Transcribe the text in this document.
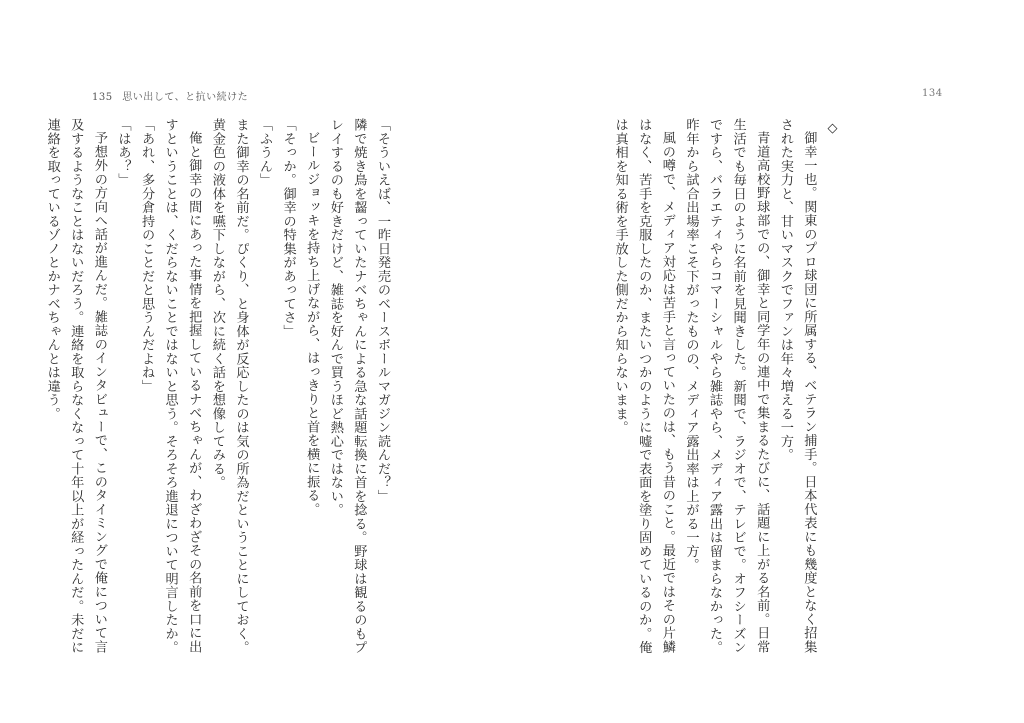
135 思い出して、と抗い続けた

「そういえば、一昨日発売のベースボールマガジン読んだ？」

隣で焼き鳥を齧っていたナベちゃんによる急な話題転換に首を捻る。野球は観るのもプレイするのも好きだけど、雑誌を好んで買うほど熱心ではない。

ビールジョッキを持ち上げながら、はっきりと首を横に振る。

「そっか。御幸の特集があってさ」

「ふうん」

また御幸の名前だ。ぴくり、と身体が反応したのは気の所為だということにしておく。黄金色の液体を嚥下しながら、次に続く話を想像してみる。

俺と御幸の間にあった事情を把握しているナベちゃんが、わざわざその名前を口に出すということは、くだらないことではないと思う。そろそろ進退について明言したか。

「あれ、多分倉持のことだと思うんだよね」

「はあ？」

予想外の方向へ話が進んだ。雑誌のインタビューで、このタイミングで俺について言及するようなことはないだろう。連絡を取らなくなって十年以上が経ったんだ。未だに連絡を取っているゾノとかナベちゃんとは違う。

134
◇

御幸一也。関東のプロ球団に所属する、ベテラン捕手。日本代表にも幾度となく招集された実力と、甘いマスクでファンは年々増える一方。

青道高校野球部での、御幸と同学年の連中で集まるたびに、話題に上がる名前。日常生活でも毎日のように名前を見聞きした。新聞で、ラジオで、テレビで。オフシーズンですら、バラエティやらコマーシャルやら雑誌やら、メディア露出は留まらなかった。昨年から試合出場率こそ下がったものの、メディア露出率は上がる一方。

風の噂で、メディア対応は苦手と言っていたのは、もう昔のこと。最近ではその片鱗はなく、苦手を克服したのか、またいつかのように嘘で表面を塗り固めているのか。俺は真相を知る術を手放した側だから知らないまま。
